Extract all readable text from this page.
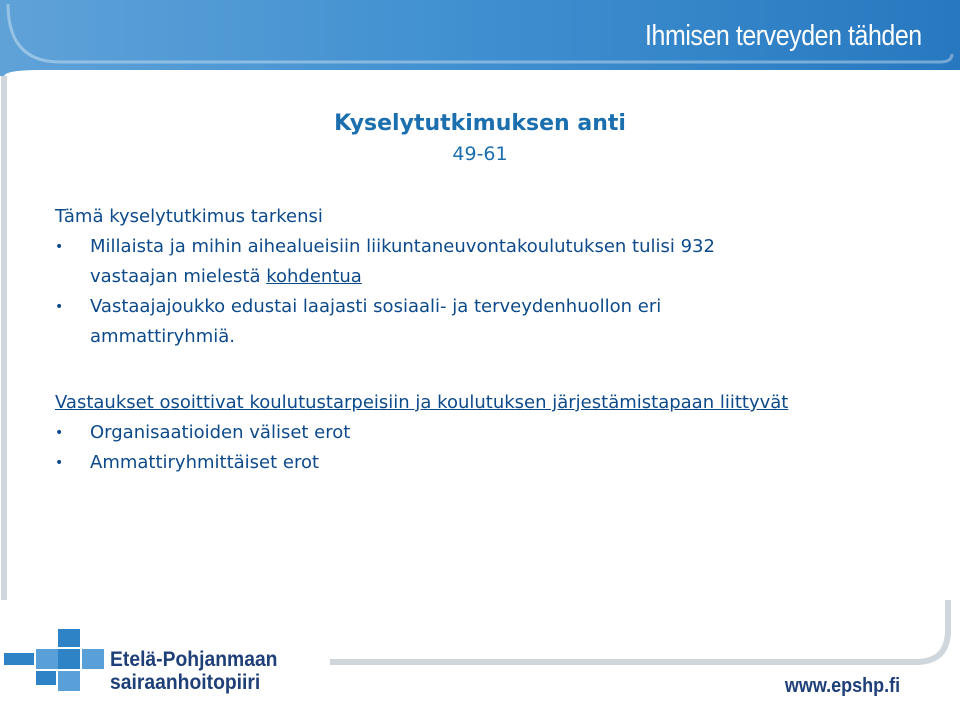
Ihmisen terveyden tähden
Kyselytutkimuksen anti
49-61

Tämä kyselytutkimus tarkensi

• Millaista ja mihin aihealueisiin liikuntaneuvontakoulutuksen tulisi 932
vastaajan mielestä kohdentua
• Vastaajajoukko edustai laajasti sosiaali- ja terveydenhuollon eri
ammattiryhmiä.

Vastaukset osoittivat koulutustarpeisiin ja koulutuksen järjestämistapaan liittyvät

• Organisaatioiden väliset erot
• Ammattiryhmittäiset erot
Etelä-Pohjanmaan
sairaanhoitopiiri	www.epshp.fi
